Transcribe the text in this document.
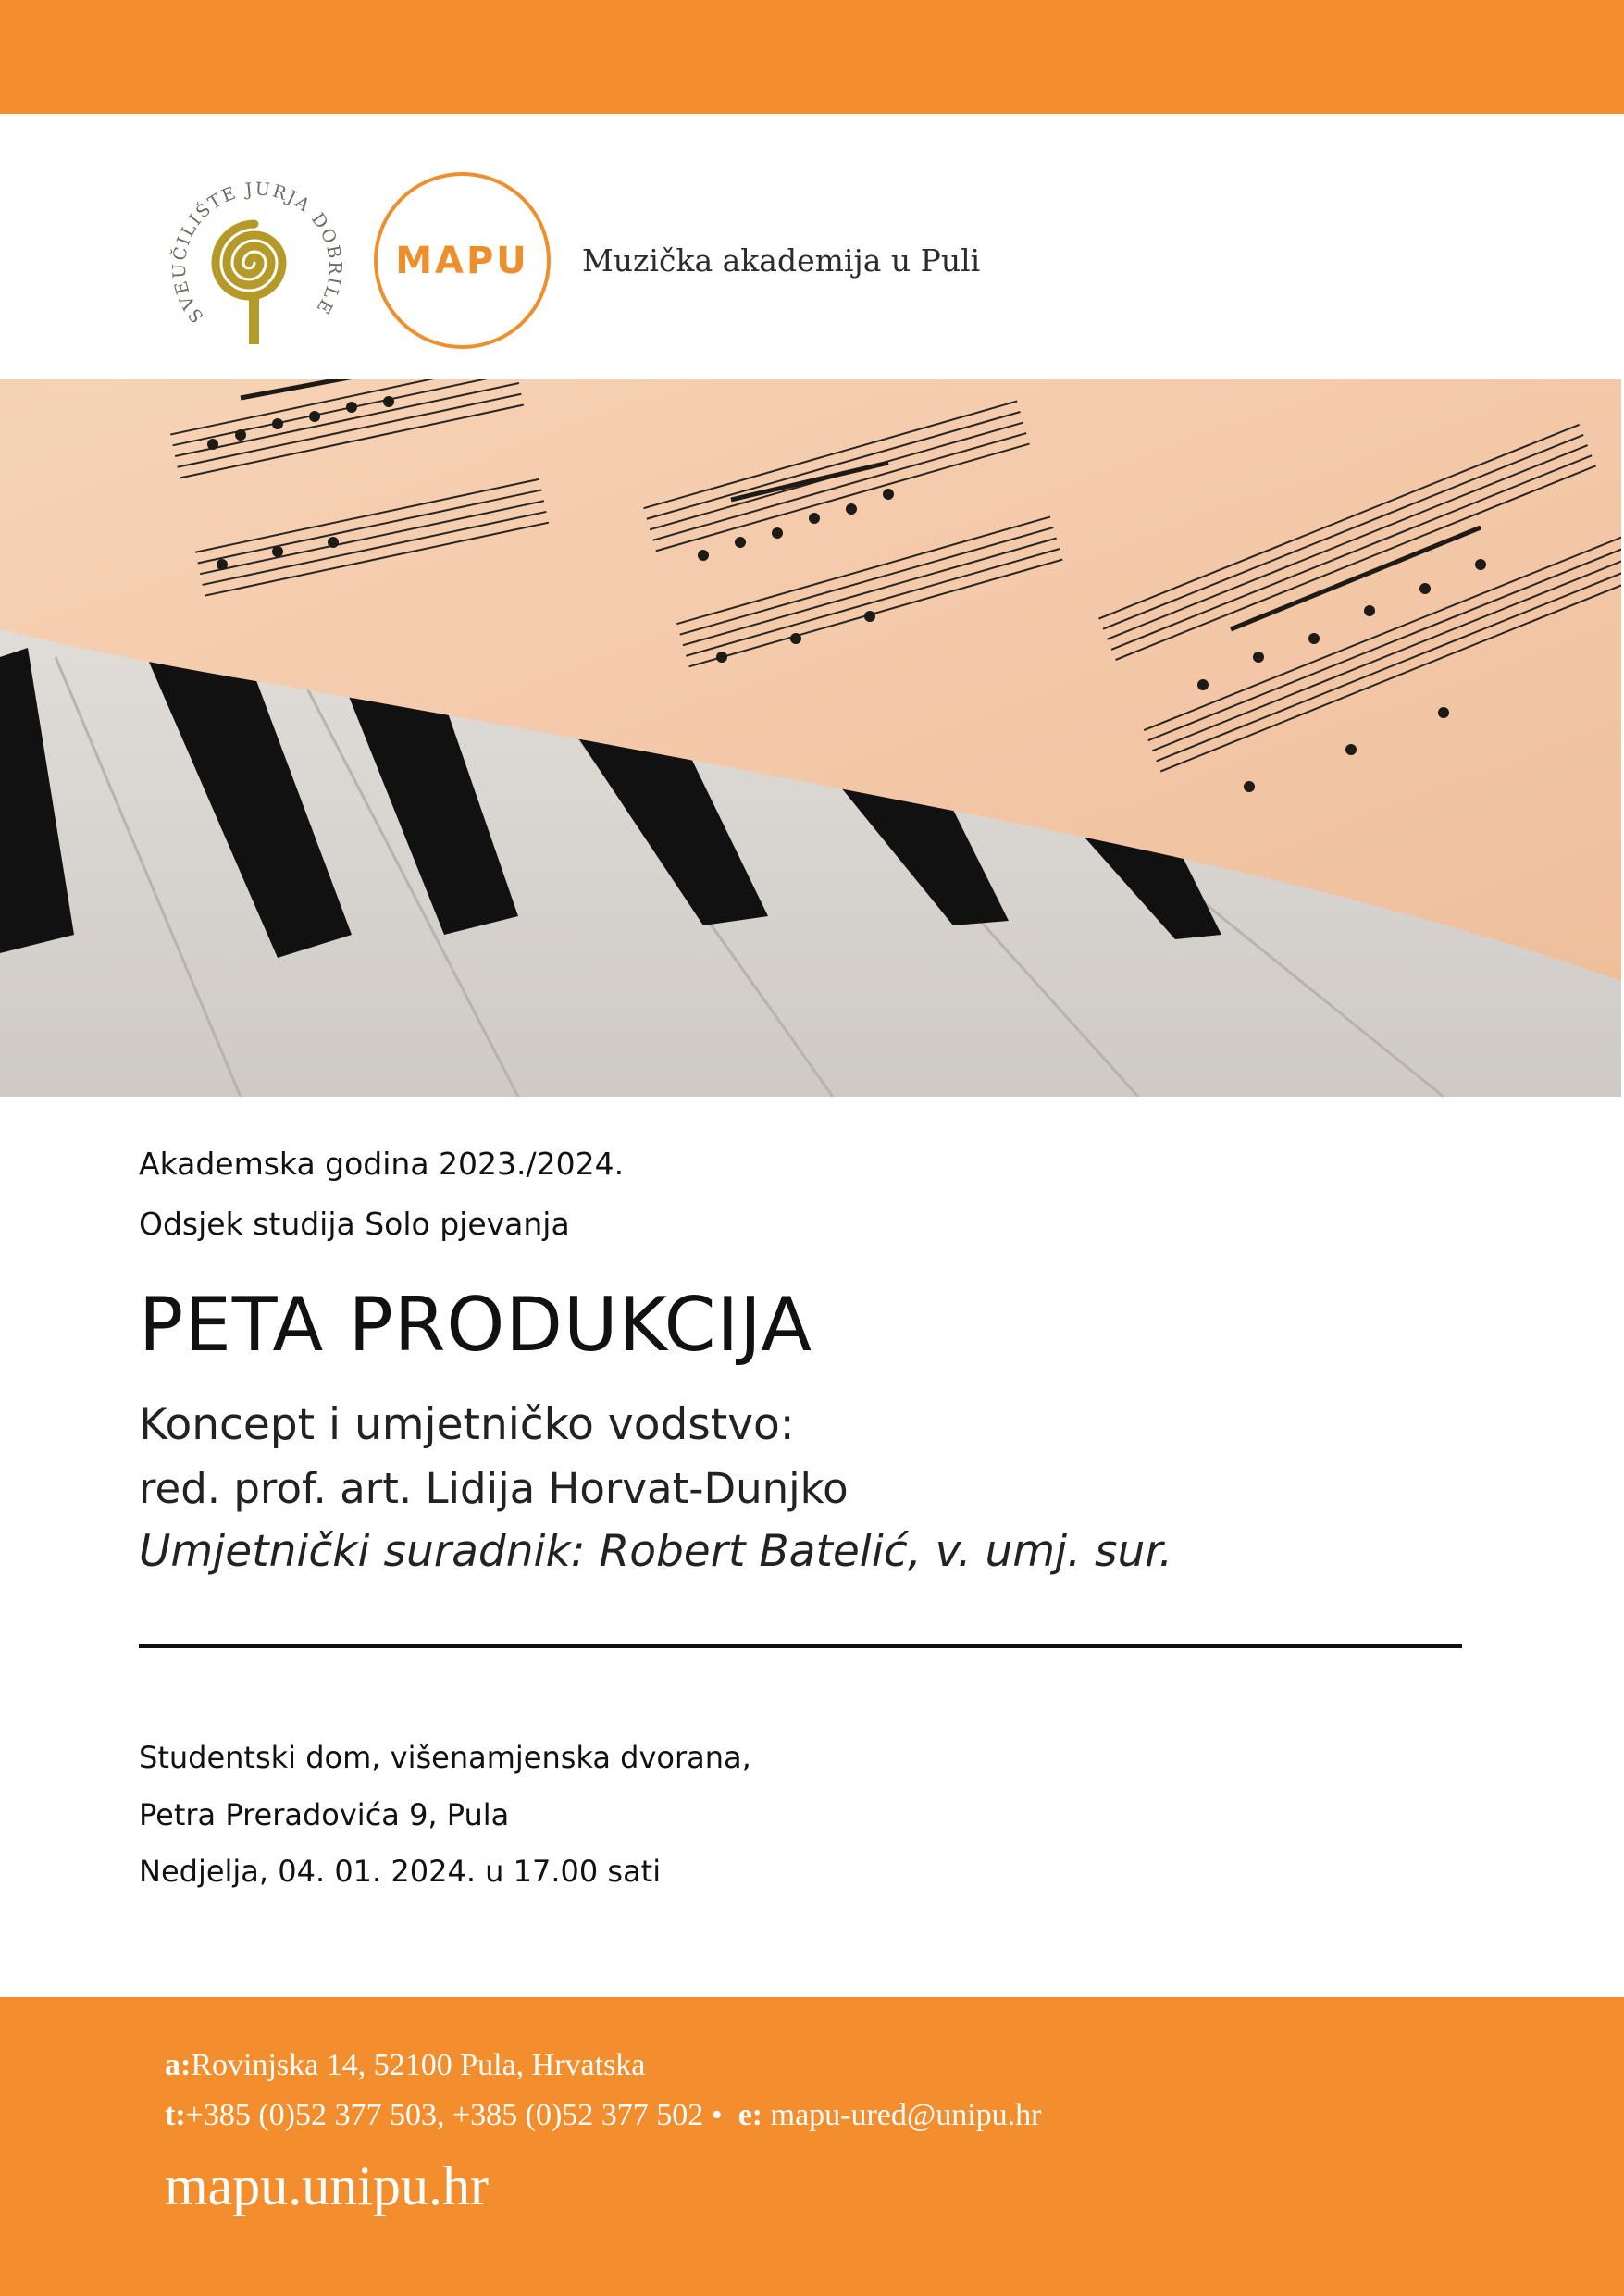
SVEUČILIŠTE JURJA DOBRILE
MAPU Muzička akademija u Puli
Akademska godina 2023./2024.
Odsjek studija Solo pjevanja
PETA PRODUKCIJA
Koncept i umjetničko vodstvo:
red. prof. art. Lidija Horvat-Dunjko
Umjetnički suradnik: Robert Batelić, v. umj. sur.
Studentski dom, višenamjenska dvorana,
Petra Preradovića 9, Pula
Nedjelja, 04. 01. 2024. u 17.00 sati
a:Rovinjska 14, 52100 Pula, Hrvatska
t:+385 (0)52 377 503, +385 (0)52 377 502 • e: mapu-ured@unipu.hr
mapu.unipu.hr
